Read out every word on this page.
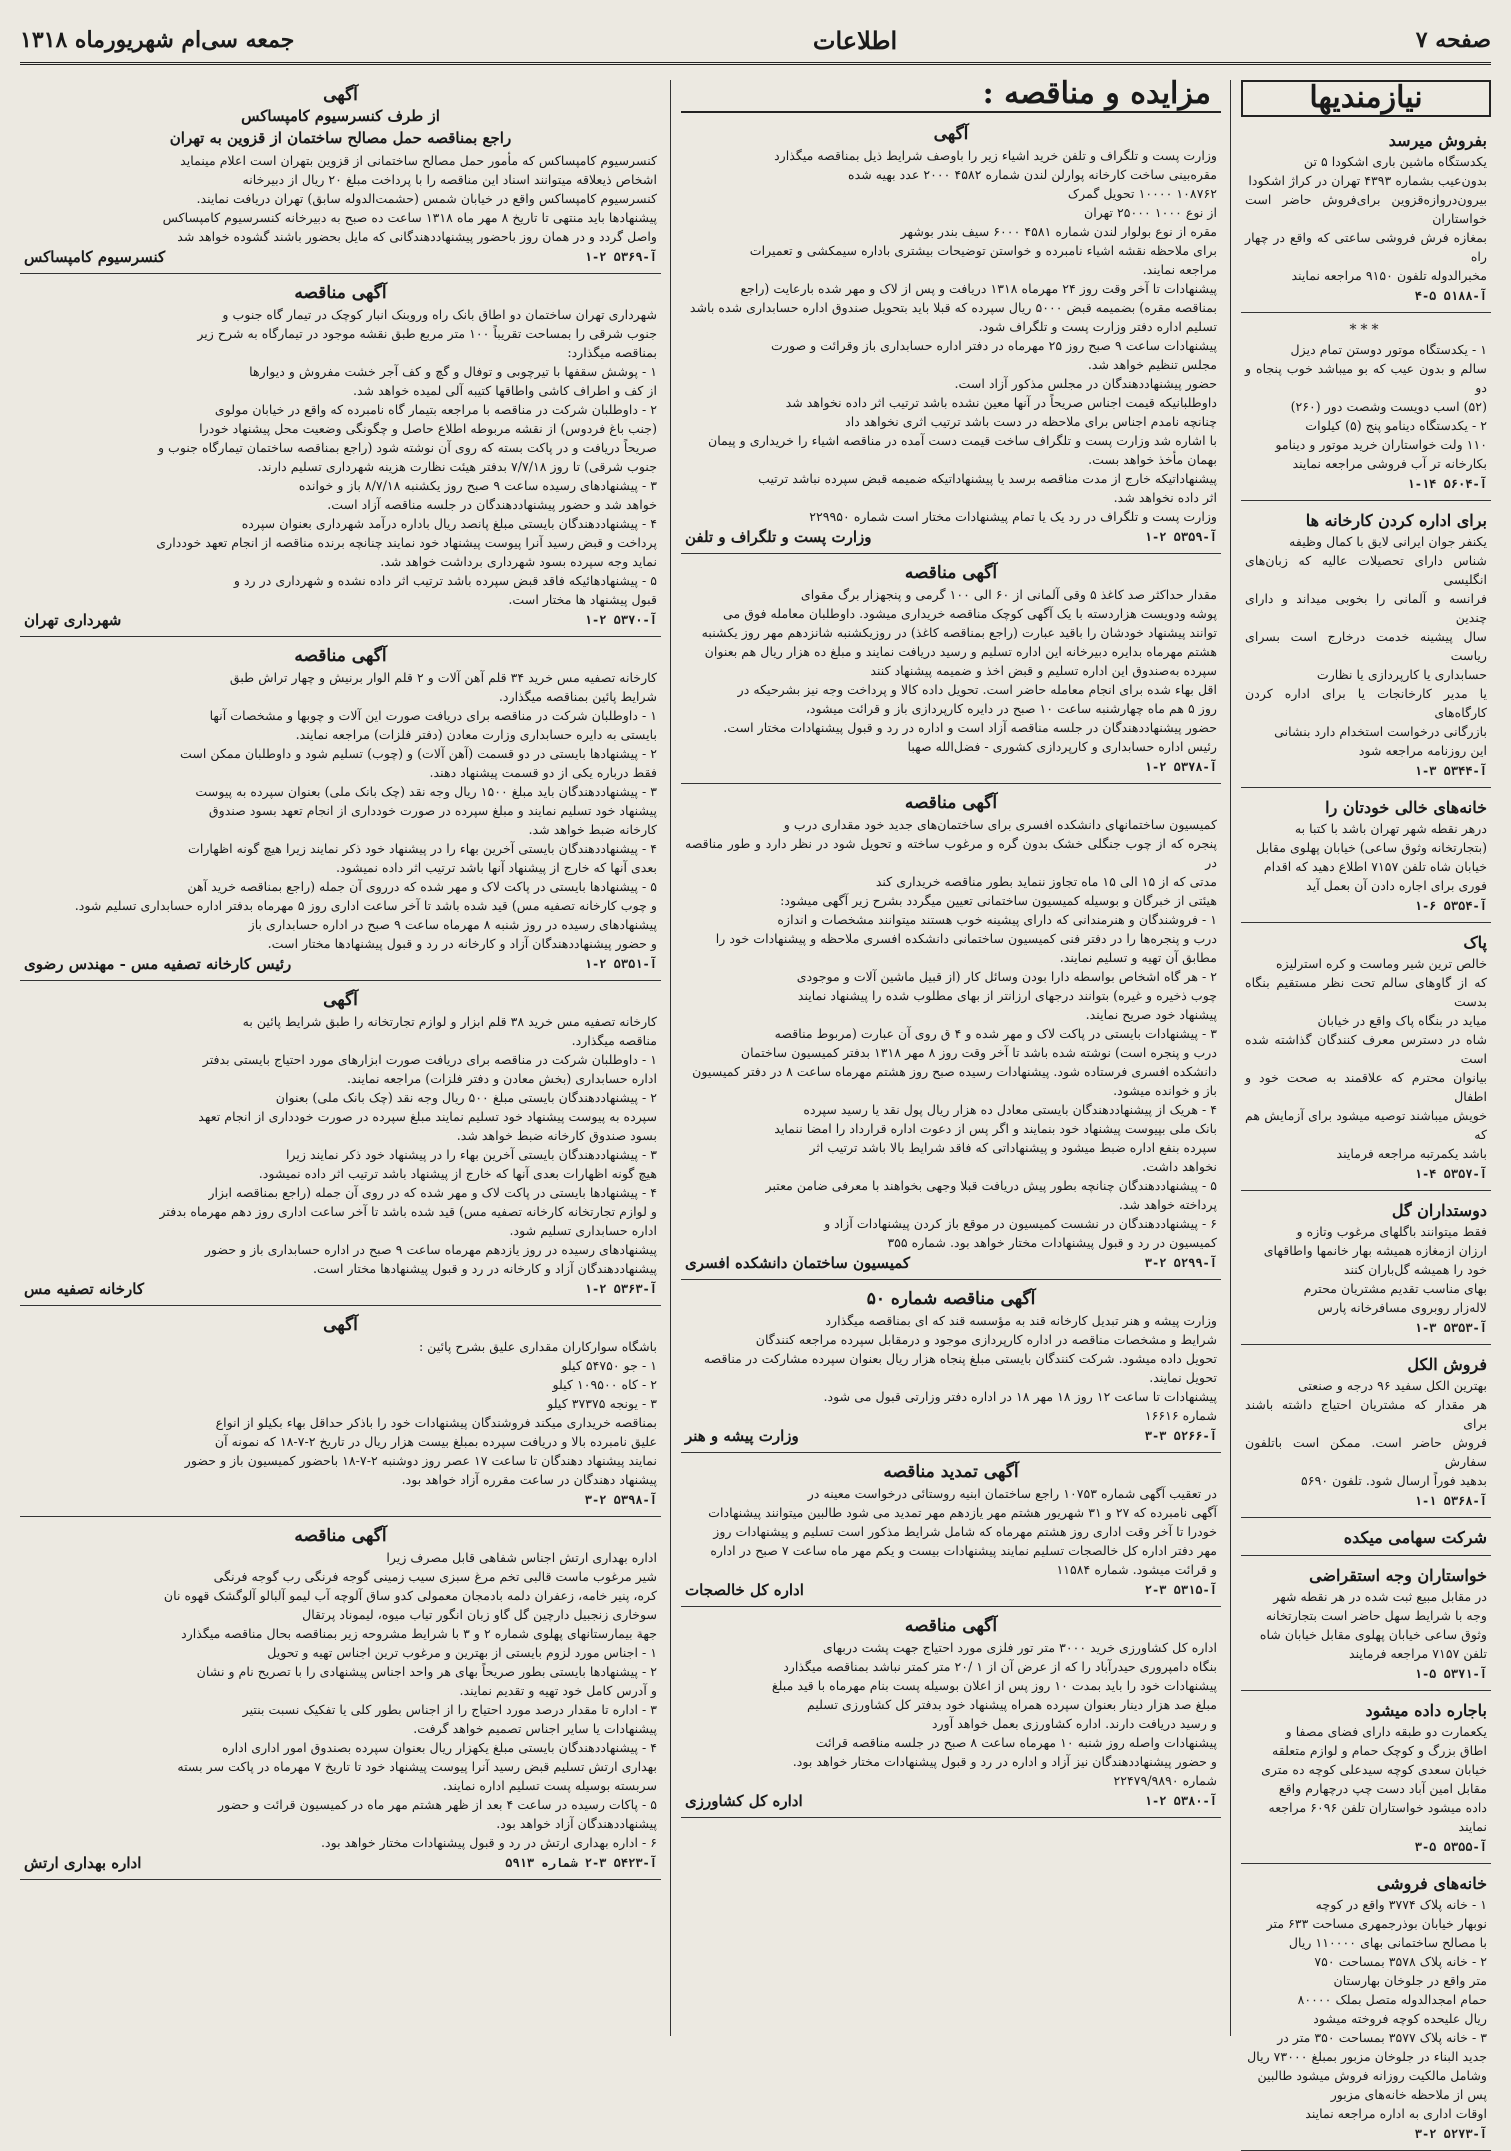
صفحه ۷
اطلاعات
جمعه سی‌ام شهریورماه ۱۳۱۸
نیازمندیها
بفروش میرسد

یکدستگاه ماشین باری اشکودا ۵ تن

بدون‌عیب بشماره ۴۳۹۳ تهران در کراژ اشکودا

بیرون‌دروازه‌قزوین برای‌فروش حاضر است خواستاران

بمغازه فرش فروشی ساعتی که واقع در چهار راه

مخبرالدوله تلفون ۹۱۵۰ مراجعه نمایند

آ-۵۱۸۸ ۵-۴
***

۱ - یکدستگاه موتور دوستن تمام دیزل

سالم و بدون عیب که بو میباشد خوب پنجاه و دو

(۵۲) اسب دویست وشصت دور (۲۶۰)

۲ - یکدستگاه دینامو پنج (۵) کیلوات

۱۱۰ ولت خواستاران خرید موتور و دینامو

بکارخانه تر آب فروشی مراجعه نمایند

آ-۵۶۰۴ ۱۴-۱
برای اداره کردن کارخانه ها

یکنفر جوان ایرانی لایق با کمال وظیفه

شناس دارای تحصیلات عالیه که زبان‌های انگلیسی

فرانسه و آلمانی را بخوبی میداند و دارای چندین

سال پیشینه خدمت درخارج است بسرای ریاست

حسابداری یا کارپردازی یا نظارت

یا مدیر کارخانجات یا برای اداره کردن کارگاه‌های

بازرگانی درخواست استخدام دارد بنشانی

این روزنامه مراجعه شود

آ-۵۳۴۴ ۳-۱
خانه‌های خالی خودتان را

درهر نقطه شهر تهران باشد با کتبا به

(بتجارتخانه وثوق ساعی) خیابان پهلوی مقابل

خیابان شاه تلفن ۷۱۵۷ اطلاع دهید که اقدام

فوری برای اجاره دادن آن بعمل آید

آ-۵۳۵۴ ۶-۱
پاک

خالص ترین شیر وماست و کره استرلیزه

که از گاوهای سالم تحت نظر مستقیم بنگاه بدست

میاید در بنگاه پاک واقع در خیابان

شاه در دسترس معرف کنندگان گذاشته شده است

بیانوان محترم که علاقمند به صحت خود و اطفال

خویش میباشند توصیه میشود برای آزمایش هم که

باشد یکمرتبه مراجعه فرمایند

آ-۵۳۵۷ ۴-۱
دوستداران گل

فقط میتوانند باگلهای مرغوب وتازه و

ارزان ازمغازه همیشه بهار خانمها واطاقهای

خود را همیشه گل‌باران کنند

بهای مناسب تقدیم مشتریان محترم

لاله‌زار روبروی مسافرخانه پارس

آ-۵۳۵۳ ۳-۱
فروش الکل

بهترین الکل سفید ۹۶ درجه و صنعتی

هر مقدار که مشتریان احتیاج داشته باشند برای

فروش حاضر است. ممکن است باتلفون سفارش

بدهید فوراً ارسال شود. تلفون ۵۶۹۰

آ-۵۳۶۸ ۱-۱
شرکت سهامی میکده
خواستاران وجه استقراضی

در مقابل مبیع ثبت شده در هر نقطه شهر

وجه با شرایط سهل حاضر است بتجارتخانه

وثوق ساعی خیابان پهلوی مقابل خیابان شاه

تلفن ۷۱۵۷ مراجعه فرمایند

آ-۵۳۷۱ ۵-۱
باجاره داده میشود

یکعمارت دو طبقه دارای فضای مصفا و

اطاق بزرگ و کوچک حمام و لوازم متعلقه

خیابان سعدی کوچه سیدعلی کوچه ده متری

مقابل امین آباد دست چپ درچهارم واقع

داده میشود خواستاران تلفن ۶۰۹۶ مراجعه

نمایند

آ-۵۳۵۵ ۵-۳
خانه‌های فروشی

۱ - خانه پلاک ۳۷۷۴ واقع در کوچه

نوبهار خیابان بوذرجمهری مساحت ۶۳۳ متر

با مصالح ساختمانی بهای ۱۱۰۰۰۰ ریال

۲ - خانه پلاک ۳۵۷۸ بمساحت ۷۵۰

متر واقع در جلوخان بهارستان

حمام امجدالدوله متصل بملک ۸۰۰۰۰

ریال علیحده کوچه فروخته میشود

۳ - خانه پلاک ۳۵۷۷ بمساحت ۳۵۰ متر در

جدید البناء در جلوخان مزبور بمبلغ ۷۳۰۰۰ ریال

وشامل مالکیت روزانه فروش میشود طالبین

پس از ملاحظه خانه‌های مزبور

اوقات اداری به اداره مراجعه نمایند

آ-۵۲۷۳ ۲-۳
مزایده و مناقصه :
آگهی

وزارت پست و تلگراف و تلفن خرید اشیاء زیر را باوصف شرایط ذیل بمناقصه میگذارد

مقره‌بینی ساخت کارخانه پوارلن لندن شماره ۴۵۸۲ ۲۰۰۰ عدد بهیه شده

۱۰۸۷۶۲ ۱۰۰۰۰ تحویل گمرک

از نوع ۱۰۰۰ ۲۵۰۰۰ تهران

مقره از نوع بولوار لندن شماره ۴۵۸۱ ۶۰۰۰ سیف بندر بوشهر

برای ملاحظه نقشه اشیاء نامبرده و خواستن توضیحات بیشتری باداره سیمکشی و تعمیرات

مراجعه نمایند.

پیشنهادات تا آخر وقت روز ۲۴ مهرماه ۱۳۱۸ دریافت و پس از لاک و مهر شده بارعایت (راجع

بمناقصه مقره) بضمیمه قبض ۵۰۰۰ ریال سپرده که قبلا باید بتحویل صندوق اداره حسابداری شده باشد

تسلیم اداره دفتر وزارت پست و تلگراف شود.

پیشنهادات ساعت ۹ صبح روز ۲۵ مهرماه در دفتر اداره حسابداری باز وقرائت و صورت

مجلس تنظیم خواهد شد.

حضور پیشنهاددهندگان در مجلس مذکور آزاد است.

داوطلبانیکه قیمت اجناس صریحاً در آنها معین نشده باشد ترتیب اثر داده نخواهد شد

چنانچه نامدم اجناس برای ملاحظه در دست باشد ترتیب اثری نخواهد داد

با اشاره شد وزارت پست و تلگراف ساخت قیمت دست آمده در مناقصه اشیاء را خریداری و پیمان

بهمان مأخذ خواهد بست.

پیشنهاداتیکه خارج از مدت مناقصه برسد یا پیشنهاداتیکه ضمیمه قبض سپرده نباشد ترتیب

اثر داده نخواهد شد.

وزارت پست و تلگراف در رد یک یا تمام پیشنهادات مختار است شماره ۲۲۹۹۵۰

آ-۵۳۵۹ ۲-۱
وزارت پست و تلگراف و تلفن
آگهی مناقصه

مقدار حداکثر صد کاغذ ۵ وقی آلمانی از ۶۰ الی ۱۰۰ گرمی و پنجهزار برگ مقوای

پوشه ودویست هزاردسته با یک آگهی کوچک مناقصه خریداری میشود. داوطلبان معامله فوق می

توانند پیشنهاد خودشان را باقید عبارت (راجع بمناقصه کاغذ) در روزیکشنبه شانزدهم مهر روز یکشنبه

هشتم مهرماه بدایره دبیرخانه این اداره تسلیم و رسید دریافت نمایند و مبلغ ده هزار ریال هم بعنوان

سپرده به‌صندوق این اداره تسلیم و قبض اخذ و ضمیمه پیشنهاد کنند

اقل بهاء شده برای انجام معامله حاضر است. تحویل داده کالا و پرداخت وجه نیز بشرحیکه در

روز ۵ هم ماه چهارشنبه ساعت ۱۰ صبح در دایره کارپردازی باز و قرائت میشود،

حضور پیشنهاددهندگان در جلسه مناقصه آزاد است و اداره در رد و قبول پیشنهادات مختار است.

رئیس اداره حسابداری و کارپردازی کشوری - فضل‌الله صهبا

آ-۵۳۷۸ ۲-۱
آگهی مناقصه

کمیسیون ساختمانهای دانشکده افسری برای ساختمان‌های جدید خود مقداری درب و

پنجره که از چوب جنگلی خشک بدون گره و مرغوب ساخته و تحویل شود در نظر دارد و طور مناقصه در

مدتی که از ۱۵ الی ۱۵ ماه تجاوز ننماید بطور مناقصه خریداری کند

هیئتی از خبرگان و بوسیله کمیسیون ساختمانی تعیین میگردد بشرح زیر آگهی میشود:

۱ - فروشندگان و هنرمندانی که دارای پیشینه خوب هستند میتوانند مشخصات و اندازه

درب و پنجره‌ها را در دفتر فنی کمیسیون ساختمانی دانشکده افسری ملاحظه و پیشنهادات خود را

مطابق آن تهیه و تسلیم نمایند.

۲ - هر گاه اشخاص بواسطه دارا بودن وسائل کار (از قبیل ماشین آلات و موجودی

چوب ذخیره و غیره) بتوانند درجهای ارزانتر از بهای مطلوب شده را پیشنهاد نمایند

پیشنهاد خود صریح نمایند.

۳ - پیشنهادات بایستی در پاکت لاک و مهر شده و ۴ ق روی آن عبارت (مربوط مناقصه

درب و پنجره است) نوشته شده باشد تا آخر وقت روز ۸ مهر ۱۳۱۸ بدفتر کمیسیون ساختمان

دانشکده افسری فرستاده شود. پیشنهادات رسیده صبح روز هشتم مهرماه ساعت ۸ در دفتر کمیسیون

باز و خوانده میشود.

۴ - هریک از پیشنهاددهندگان بایستی معادل ده هزار ریال پول نقد یا رسید سپرده

بانک ملی بپیوست پیشنهاد خود بنمایند و اگر پس از دعوت اداره قرارداد را امضا ننماید

سپرده بنفع اداره ضبط میشود و پیشنهاداتی که فاقد شرایط بالا باشد ترتیب اثر

نخواهد داشت.

۵ - پیشنهاددهندگان چنانچه بطور پیش دریافت قبلا وجهی بخواهند با معرفی ضامن معتبر

پرداخته خواهد شد.

۶ - پیشنهاددهندگان در نشست کمیسیون در موقع باز کردن پیشنهادات آزاد و

کمیسیون در رد و قبول پیشنهادات مختار خواهد بود. شماره ۳۵۵

آ-۵۲۹۹ ۲-۳
کمیسیون ساختمان دانشکده افسری
آگهی مناقصه شماره ۵۰

وزارت پیشه و هنر تبدیل کارخانه قند به مؤسسه قند که ای بمناقصه میگذارد

شرایط و مشخصات مناقصه در اداره کارپردازی موجود و درمقابل سپرده مراجعه کنندگان

تحویل داده میشود. شرکت کنندگان بایستی مبلغ پنجاه هزار ریال بعنوان سپرده مشارکت در مناقصه

تحویل نمایند.

پیشنهادات تا ساعت ۱۲ روز ۱۸ مهر ۱۸ در اداره دفتر وزارتی قبول می شود.

شماره ۱۶۶۱۶

آ-۵۲۶۶ ۳-۳
وزارت پیشه و هنر
آگهی تمدید مناقصه

در تعقیب آگهی شماره ۱۰۷۵۳ راجع ساختمان ابنیه روستائی درخواست معینه در

آگهی نامبرده که ۲۷ و ۳۱ شهریور هشتم مهر یازدهم مهر تمدید می شود طالبین میتوانند پیشنهادات

خودرا تا آخر وقت اداری روز هشتم مهرماه که شامل شرایط مذکور است تسلیم و پیشنهادات روز

مهر دفتر اداره کل خالصجات تسلیم نمایند پیشنهادات بیست و یکم مهر ماه ساعت ۷ صبح در اداره

و قرائت میشود. شماره ۱۱۵۸۴

آ-۵۳۱۵ ۳-۲
اداره کل خالصجات
آگهی مناقصه

اداره کل کشاورزی خرید ۳۰۰۰ متر تور فلزی مورد احتیاج جهت پشت دربهای

بنگاه دامپروری حیدرآباد را که از عرض آن از ۱ /۲۰ متر کمتر نباشد بمناقصه میگذارد

پیشنهادات خود را باید بمدت ۱۰ روز پس از اعلان بوسیله پست بنام مهرماه با قید مبلغ

مبلغ صد هزار دینار بعنوان سپرده همراه پیشنهاد خود بدفتر کل کشاورزی تسلیم

و رسید دریافت دارند. اداره کشاورزی بعمل خواهد آورد

پیشنهادات واصله روز شنبه ۱۰ مهرماه ساعت ۸ صبح در جلسه مناقصه قرائت

و حضور پیشنهاددهندگان نیز آزاد و اداره در رد و قبول پیشنهادات مختار خواهد بود.

شماره ۲۲۴۷۹/۹۸۹۰

آ-۵۳۸۰ ۲-۱
اداره کل کشاورزی
آگهی
از طرف کنسرسیوم کامپساکس
راجع بمناقصه حمل مصالح ساختمان از قزوین به تهران

کنسرسیوم کامپساکس که مأمور حمل مصالح ساختمانی از قزوین بتهران است اعلام مینماید

اشخاص ذیعلاقه میتوانند اسناد این مناقصه را با پرداخت مبلغ ۲۰ ریال از دبیرخانه

کنسرسیوم کامپساکس واقع در خیابان شمس (حشمت‌الدوله سابق) تهران دریافت نمایند.

پیشنهادها باید منتهی تا تاریخ ۸ مهر ماه ۱۳۱۸ ساعت ده صبح به دبیرخانه کنسرسیوم کامپساکس

واصل گردد و در همان روز باحضور پیشنهاددهندگانی که مایل بحضور باشند گشوده خواهد شد

آ-۵۳۶۹ ۲-۱
کنسرسیوم کامپساکس
آگهی مناقصه

شهرداری تهران ساختمان دو اطاق بانک راه وروبنک انبار کوچک در تیمار گاه جنوب و

جنوب شرقی را بمساحت تقریباً ۱۰۰ متر مربع طبق نقشه موجود در تیمارگاه به شرح زیر

بمناقصه میگذارد:

۱ - پوشش سقفها با تیرچوبی و توفال و گچ و کف آجر خشت مفروش و دیوارها

از کف و اطراف کاشی واطاقها کتیبه آلی لمیده خواهد شد.

۲ - داوطلبان شرکت در مناقصه با مراجعه بتیمار گاه نامبرده که واقع در خیابان مولوی

(جنب باغ فردوس) از نقشه مربوطه اطلاع حاصل و چگونگی وضعیت محل پیشنهاد خودرا

صریحاً دریافت و در پاکت بسته که روی آن نوشته شود (راجع بمناقصه ساختمان تیمارگاه جنوب و

جنوب شرقی) تا روز ۷/۷/۱۸ بدفتر هیئت نظارت هزینه شهرداری تسلیم دارند.

۳ - پیشنهادهای رسیده ساعت ۹ صبح روز یکشنبه ۸/۷/۱۸ باز و خوانده

خواهد شد و حضور پیشنهاددهندگان در جلسه مناقصه آزاد است.

۴ - پیشنهاددهندگان بایستی مبلغ پانصد ریال باداره درآمد شهرداری بعنوان سپرده

پرداخت و قبض رسید آنرا پیوست پیشنهاد خود نمایند چنانچه برنده مناقصه از انجام تعهد خودداری

نماید وجه سپرده بسود شهرداری برداشت خواهد شد.

۵ - پیشنهادهائیکه فاقد قبض سپرده باشد ترتیب اثر داده نشده و شهرداری در رد و

قبول پیشنهاد ها مختار است.

آ-۵۳۷۰ ۲-۱
شهرداری تهران
آگهی مناقصه

کارخانه تصفیه مس خرید ۳۴ قلم آهن آلات و ۲ قلم الوار برنیش و چهار تراش طبق

شرایط پائین بمناقصه میگذارد.

۱ - داوطلبان شرکت در مناقصه برای دریافت صورت این آلات و چوبها و مشخصات آنها

بایستی به دایره حسابداری وزارت معادن (دفتر فلزات) مراجعه نمایند.

۲ - پیشنهادها بایستی در دو قسمت (آهن آلات) و (چوب) تسلیم شود و داوطلبان ممکن است

فقط درباره یکی از دو قسمت پیشنهاد دهند.

۳ - پیشنهاددهندگان باید مبلغ ۱۵۰۰ ریال وجه نقد (چک بانک ملی) بعنوان سپرده به پیوست

پیشنهاد خود تسلیم نمایند و مبلغ سپرده در صورت خودداری از انجام تعهد بسود صندوق

کارخانه ضبط خواهد شد.

۴ - پیشنهاددهندگان بایستی آخرین بهاء را در پیشنهاد خود ذکر نمایند زیرا هیچ گونه اظهارات

بعدی آنها که خارج از پیشنهاد آنها باشد ترتیب اثر داده نمیشود.

۵ - پیشنهادها بایستی در پاکت لاک و مهر شده که درروی آن جمله (راجع بمناقصه خرید آهن

و چوب کارخانه تصفیه مس) قید شده باشد تا آخر ساعت اداری روز ۵ مهرماه بدفتر اداره حسابداری تسلیم شود.

پیشنهادهای رسیده در روز شنبه ۸ مهرماه ساعت ۹ صبح در اداره حسابداری باز

و حضور پیشنهاددهندگان آزاد و کارخانه در رد و قبول پیشنهادها مختار است.

آ-۵۳۵۱ ۲-۱
رئیس کارخانه تصفیه مس - مهندس رضوی
آگهی

کارخانه تصفیه مس خرید ۳۸ قلم ابزار و لوازم تجارتخانه را طبق شرایط پائین به

مناقصه میگذارد.

۱ - داوطلبان شرکت در مناقصه برای دریافت صورت ابزارهای مورد احتیاج بایستی بدفتر

اداره حسابداری (بخش معادن و دفتر فلزات) مراجعه نمایند.

۲ - پیشنهاددهندگان بایستی مبلغ ۵۰۰ ریال وجه نقد (چک بانک ملی) بعنوان

سپرده به پیوست پیشنهاد خود تسلیم نمایند مبلغ سپرده در صورت خودداری از انجام تعهد

بسود صندوق کارخانه ضبط خواهد شد.

۳ - پیشنهاددهندگان بایستی آخرین بهاء را در پیشنهاد خود ذکر نمایند زیرا

هیچ گونه اظهارات بعدی آنها که خارج از پیشنهاد باشد ترتیب اثر داده نمیشود.

۴ - پیشنهادها بایستی در پاکت لاک و مهر شده که در روی آن جمله (راجع بمناقصه ابزار

و لوازم تجارتخانه کارخانه تصفیه مس) قید شده باشد تا آخر ساعت اداری روز دهم مهرماه بدفتر

اداره حسابداری تسلیم شود.

پیشنهادهای رسیده در روز یازدهم مهرماه ساعت ۹ صبح در اداره حسابداری باز و حضور

پیشنهاددهندگان آزاد و کارخانه در رد و قبول پیشنهادها مختار است.

آ-۵۳۶۳ ۲-۱
کارخانه تصفیه مس
آگهی

باشگاه سوارکاران مقداری علیق بشرح پائین :

۱ - جو ۵۴۷۵۰ کیلو

۲ - کاه ۱۰۹۵۰۰ کیلو

۳ - یونجه ۳۷۳۷۵ کیلو

بمناقصه خریداری میکند فروشندگان پیشنهادات خود را باذکر حداقل بهاء بکیلو از انواع

علیق نامبرده بالا و دریافت سپرده بمبلغ بیست هزار ریال در تاریخ ۲-۷-۱۸ که نمونه آن

نمایند پیشنهاد دهندگان تا ساعت ۱۷ عصر روز دوشنبه ۲-۷-۱۸ باحضور کمیسیون باز و حضور

پیشنهاد دهندگان در ساعت مقرره آزاد خواهد بود.

آ-۵۳۹۸ ۲-۳
آگهی مناقصه

اداره بهداری ارتش اجناس شفاهی قابل مصرف زیرا

شیر مرغوب ماست قالبی تخم مرغ سبزی سیب زمینی گوجه فرنگی رب گوجه فرنگی

کره، پنیر خامه، زعفران دلمه بادمجان معمولی کدو ساق آلوچه آب لیمو آلبالو آلوگشک قهوه نان

سوخاری زنجبیل دارچین گل گاو زبان انگور تیاب میوه، لیموناد پرتقال

جهة بیمارستانهای پهلوی شماره ۲ و ۳ با شرایط مشروحه زیر بمناقصه بحال مناقصه میگذارد

۱ - اجناس مورد لزوم بایستی از بهترین و مرغوب ترین اجناس تهیه و تحویل

۲ - پیشنهادها بایستی بطور صریحاً بهای هر واحد اجناس پیشنهادی را با تصریح نام و نشان

و آدرس کامل خود تهیه و تقدیم نمایند.

۳ - اداره تا مقدار درصد مورد احتیاج را از اجناس بطور کلی یا تفکیک نسبت بنتیر

پیشنهادات یا سایر اجناس تصمیم خواهد گرفت.

۴ - پیشنهاددهندگان بایستی مبلغ یکهزار ریال بعنوان سپرده بصندوق امور اداری اداره

بهداری ارتش تسلیم قبض رسید آنرا پیوست پیشنهاد خود تا تاریخ ۷ مهرماه در پاکت سر بسته

سربسته بوسیله پست تسلیم اداره نمایند.

۵ - پاکات رسیده در ساعت ۴ بعد از ظهر هشتم مهر ماه در کمیسیون قرائت و حضور

پیشنهاددهندگان آزاد خواهد بود.

۶ - اداره بهداری ارتش در رد و قبول پیشنهادات مختار خواهد بود.

آ-۵۴۲۳ ۳-۲ شماره ۵۹۱۳
اداره بهداری ارتش
